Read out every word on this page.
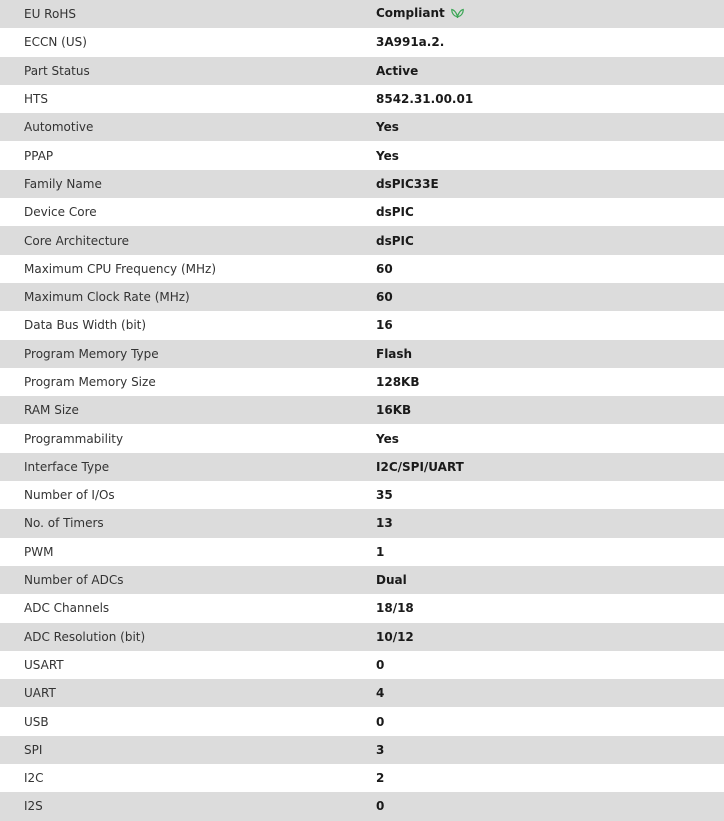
EU RoHS	Compliant
ECCN (US)	3A991a.2.
Part Status	Active
HTS	8542.31.00.01
Automotive	Yes
PPAP	Yes
Family Name	dsPIC33E
Device Core	dsPIC
Core Architecture	dsPIC
Maximum CPU Frequency (MHz)	60
Maximum Clock Rate (MHz)	60
Data Bus Width (bit)	16
Program Memory Type	Flash
Program Memory Size	128KB
RAM Size	16KB
Programmability	Yes
Interface Type	I2C/SPI/UART
Number of I/Os	35
No. of Timers	13
PWM	1
Number of ADCs	Dual
ADC Channels	18/18
ADC Resolution (bit)	10/12
USART	0
UART	4
USB	0
SPI	3
I2C	2
I2S	0
